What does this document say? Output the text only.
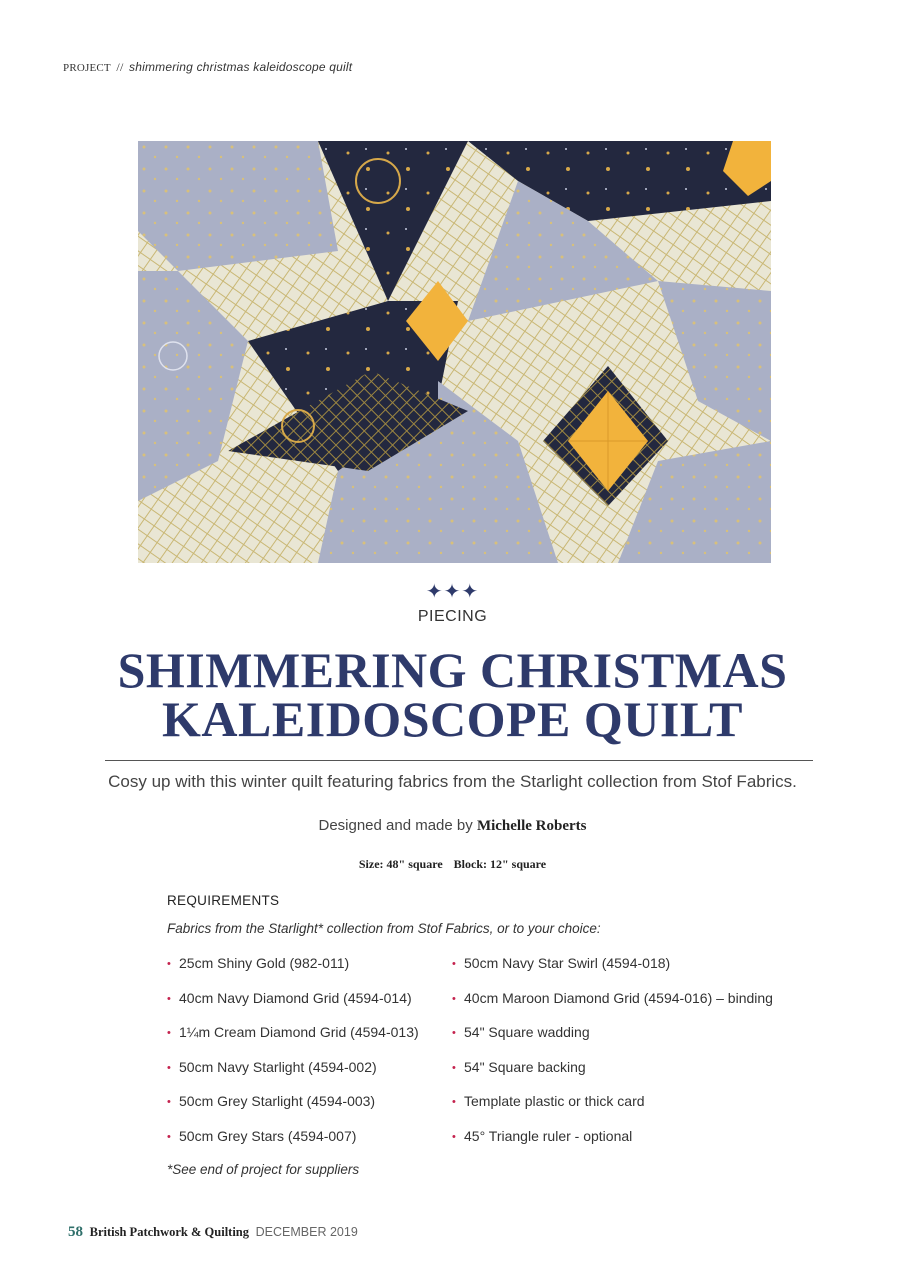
PROJECT // shimmering christmas kaleidoscope quilt
✦✦✦
PIECING
SHIMMERING CHRISTMAS
KALEIDOSCOPE QUILT

Cosy up with this winter quilt featuring fabrics from the Starlight collection from Stof Fabrics.

Designed and made by Michelle Roberts

Size: 48" square Block: 12" square

REQUIREMENTS
Fabrics from the Starlight* collection from Stof Fabrics, or to your choice:
• 25cm Shiny Gold (982-011)
• 40cm Navy Diamond Grid (4594-014)
• 1¼m Cream Diamond Grid (4594-013)
• 50cm Navy Starlight (4594-002)
• 50cm Grey Starlight (4594-003)
• 50cm Grey Stars (4594-007)
• 50cm Navy Star Swirl (4594-018)
• 40cm Maroon Diamond Grid (4594-016) – binding
• 54" Square wadding
• 54" Square backing
• Template plastic or thick card
• 45° Triangle ruler - optional
*See end of project for suppliers
58 British Patchwork & Quilting DECEMBER 2019
